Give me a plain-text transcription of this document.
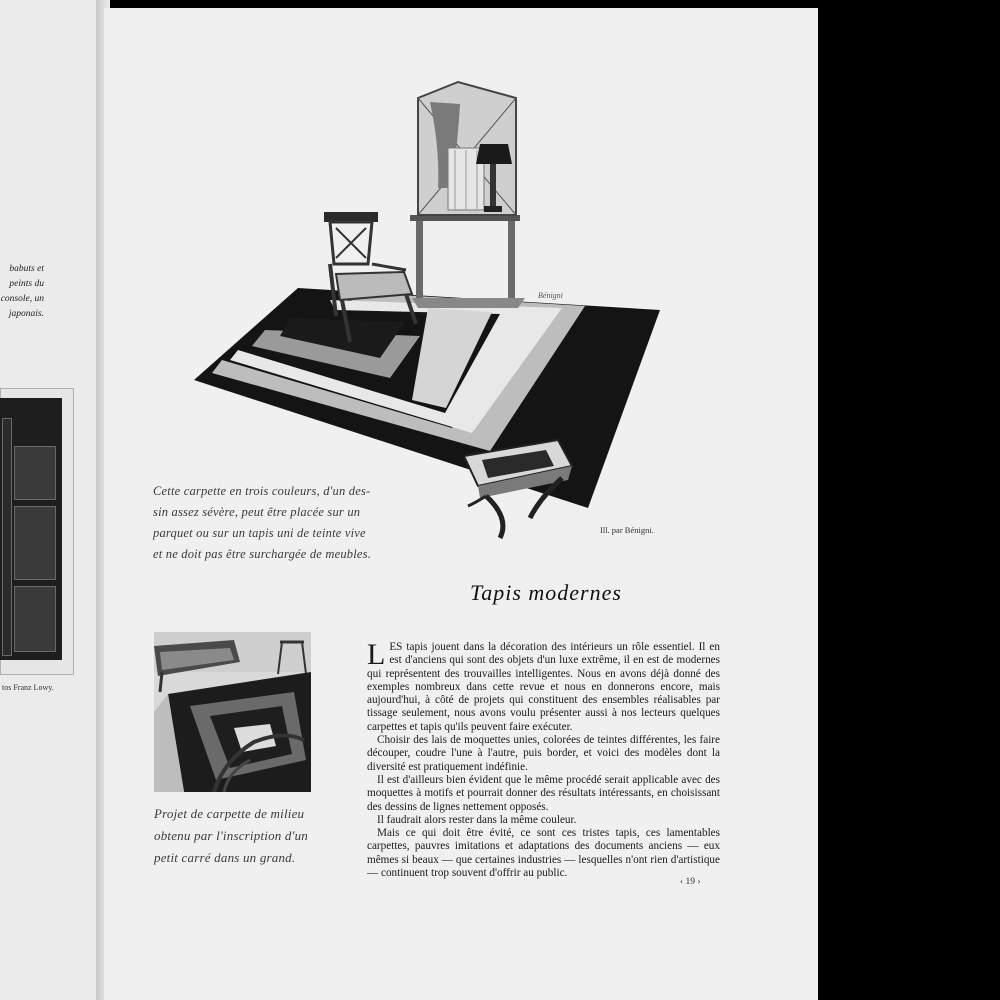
babuts et
peints du
console, un
japonais.
tos Franz Lowy.
Bénigni
Ill. par Bénigni.
Cette carpette en trois couleurs, d'un des-
sin assez sévère, peut être placée sur un
parquet ou sur un tapis uni de teinte vive
et ne doit pas être surchargée de meubles.
Tapis modernes
Projet de carpette de milieu
obtenu par l'inscription d'un
petit carré dans un grand.

LES tapis jouent dans la décoration des intérieurs un rôle essentiel. Il en est d'anciens qui sont des objets d'un luxe extrême, il en est de modernes qui représentent des trouvailles intelligentes. Nous en avons déjà donné des exemples nombreux dans cette revue et nous en donnerons encore, mais aujourd'hui, à côté de projets qui constituent des ensembles réalisables par tissage seulement, nous avons voulu présenter aussi à nos lecteurs quelques carpettes et tapis qu'ils peuvent faire exécuter.

Choisir des lais de moquettes unies, colorées de teintes différentes, les faire découper, coudre l'une à l'autre, puis border, et voici des modèles dont la diversité est pratiquement indéfinie.

Il est d'ailleurs bien évident que le même procédé serait applicable avec des moquettes à motifs et pourrait donner des résultats intéressants, en choisissant des dessins de lignes nettement opposés.

Il faudrait alors rester dans la même couleur.

Mais ce qui doit être évité, ce sont ces tristes tapis, ces lamentables carpettes, pauvres imitations et adaptations des documents anciens — eux mêmes si beaux — que certaines industries — lesquelles n'ont rien d'artistique — continuent trop souvent d'offrir au public.

‹ 19 ›
